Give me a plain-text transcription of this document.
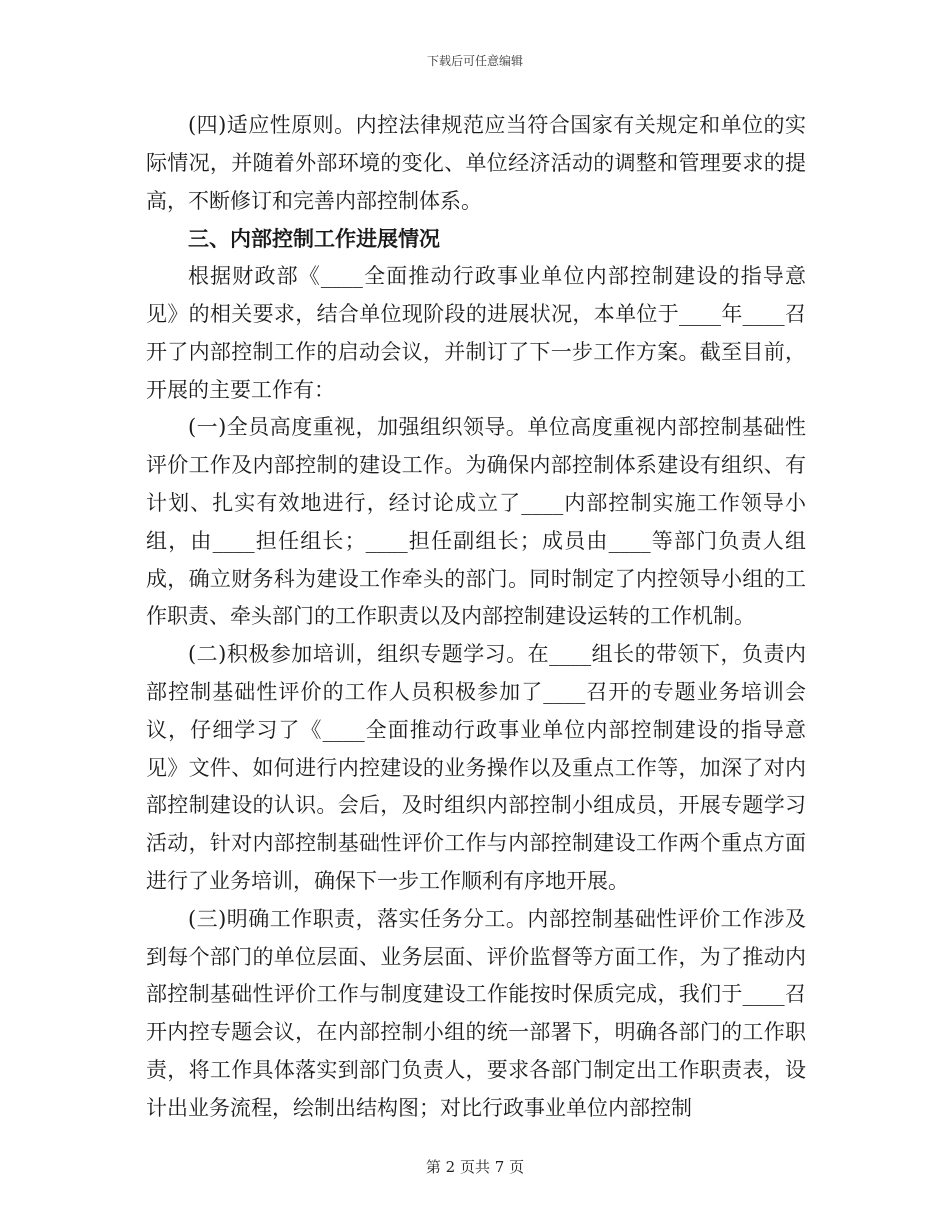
下载后可任意编辑

(四)适应性原则。内控法律规范应当符合国家有关规定和单位的实际情况，并随着外部环境的变化、单位经济活动的调整和管理要求的提高，不断修订和完善内部控制体系。

三、内部控制工作进展情况

根据财政部《____全面推动行政事业单位内部控制建设的指导意见》的相关要求，结合单位现阶段的进展状况，本单位于____年____召开了内部控制工作的启动会议，并制订了下一步工作方案。截至目前，开展的主要工作有：

(一)全员高度重视，加强组织领导。单位高度重视内部控制基础性评价工作及内部控制的建设工作。为确保内部控制体系建设有组织、有计划、扎实有效地进行，经讨论成立了____内部控制实施工作领导小组，由____担任组长；____担任副组长；成员由____等部门负责人组成，确立财务科为建设工作牵头的部门。同时制定了内控领导小组的工作职责、牵头部门的工作职责以及内部控制建设运转的工作机制。

(二)积极参加培训，组织专题学习。在____组长的带领下，负责内部控制基础性评价的工作人员积极参加了____召开的专题业务培训会议，仔细学习了《____全面推动行政事业单位内部控制建设的指导意见》文件、如何进行内控建设的业务操作以及重点工作等，加深了对内部控制建设的认识。会后，及时组织内部控制小组成员，开展专题学习活动，针对内部控制基础性评价工作与内部控制建设工作两个重点方面进行了业务培训，确保下一步工作顺利有序地开展。

(三)明确工作职责，落实任务分工。内部控制基础性评价工作涉及到每个部门的单位层面、业务层面、评价监督等方面工作，为了推动内部控制基础性评价工作与制度建设工作能按时保质完成，我们于____召开内控专题会议，在内部控制小组的统一部署下，明确各部门的工作职责，将工作具体落实到部门负责人，要求各部门制定出工作职责表，设计出业务流程，绘制出结构图；对比行政事业单位内部控制

第 2 页共 7 页
